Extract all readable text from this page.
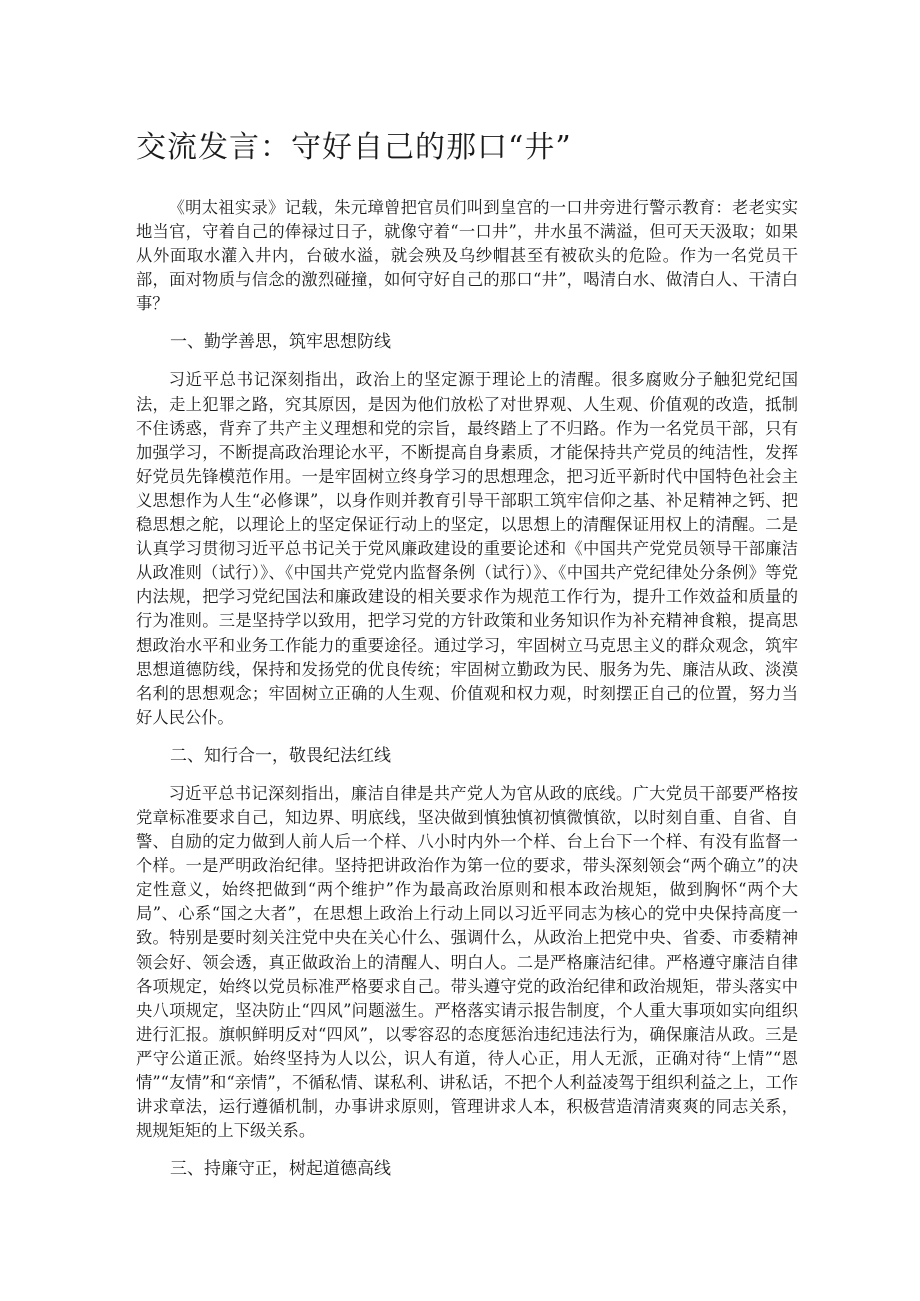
交流发言：守好自己的那口“井”

《明太祖实录》记载，朱元璋曾把官员们叫到皇宫的一口井旁进行警示教育：老老实实地当官，守着自己的俸禄过日子，就像守着“一口井”，井水虽不满溢，但可天天汲取；如果从外面取水灌入井内，台破水溢，就会殃及乌纱帽甚至有被砍头的危险。作为一名党员干部，面对物质与信念的激烈碰撞，如何守好自己的那口“井”，喝清白水、做清白人、干清白事？

一、勤学善思，筑牢思想防线

习近平总书记深刻指出，政治上的坚定源于理论上的清醒。很多腐败分子触犯党纪国法，走上犯罪之路，究其原因，是因为他们放松了对世界观、人生观、价值观的改造，抵制不住诱惑，背弃了共产主义理想和党的宗旨，最终踏上了不归路。作为一名党员干部，只有加强学习，不断提高政治理论水平，不断提高自身素质，才能保持共产党员的纯洁性，发挥好党员先锋模范作用。一是牢固树立终身学习的思想理念，把习近平新时代中国特色社会主义思想作为人生“必修课”，以身作则并教育引导干部职工筑牢信仰之基、补足精神之钙、把稳思想之舵，以理论上的坚定保证行动上的坚定，以思想上的清醒保证用权上的清醒。二是认真学习贯彻习近平总书记关于党风廉政建设的重要论述和《中国共产党党员领导干部廉洁从政准则（试行）》、《中国共产党党内监督条例（试行）》、《中国共产党纪律处分条例》等党内法规，把学习党纪国法和廉政建设的相关要求作为规范工作行为，提升工作效益和质量的行为准则。三是坚持学以致用，把学习党的方针政策和业务知识作为补充精神食粮，提高思想政治水平和业务工作能力的重要途径。通过学习，牢固树立马克思主义的群众观念，筑牢思想道德防线，保持和发扬党的优良传统；牢固树立勤政为民、服务为先、廉洁从政、淡漠名利的思想观念；牢固树立正确的人生观、价值观和权力观，时刻摆正自己的位置，努力当好人民公仆。

二、知行合一，敬畏纪法红线

习近平总书记深刻指出，廉洁自律是共产党人为官从政的底线。广大党员干部要严格按党章标准要求自己，知边界、明底线，坚决做到慎独慎初慎微慎欲，以时刻自重、自省、自警、自励的定力做到人前人后一个样、八小时内外一个样、台上台下一个样、有没有监督一个样。一是严明政治纪律。坚持把讲政治作为第一位的要求，带头深刻领会“两个确立”的决定性意义，始终把做到“两个维护”作为最高政治原则和根本政治规矩，做到胸怀“两个大局”、心系“国之大者”，在思想上政治上行动上同以习近平同志为核心的党中央保持高度一致。特别是要时刻关注党中央在关心什么、强调什么，从政治上把党中央、省委、市委精神领会好、领会透，真正做政治上的清醒人、明白人。二是严格廉洁纪律。严格遵守廉洁自律各项规定，始终以党员标准严格要求自己。带头遵守党的政治纪律和政治规矩，带头落实中央八项规定，坚决防止“四风”问题滋生。严格落实请示报告制度，个人重大事项如实向组织进行汇报。旗帜鲜明反对“四风”，以零容忍的态度惩治违纪违法行为，确保廉洁从政。三是严守公道正派。始终坚持为人以公，识人有道，待人心正，用人无派，正确对待“上情”“恩情”“友情”和“亲情”，不循私情、谋私利、讲私话，不把个人利益凌驾于组织利益之上，工作讲求章法，运行遵循机制，办事讲求原则，管理讲求人本，积极营造清清爽爽的同志关系，规规矩矩的上下级关系。

三、持廉守正，树起道德高线
